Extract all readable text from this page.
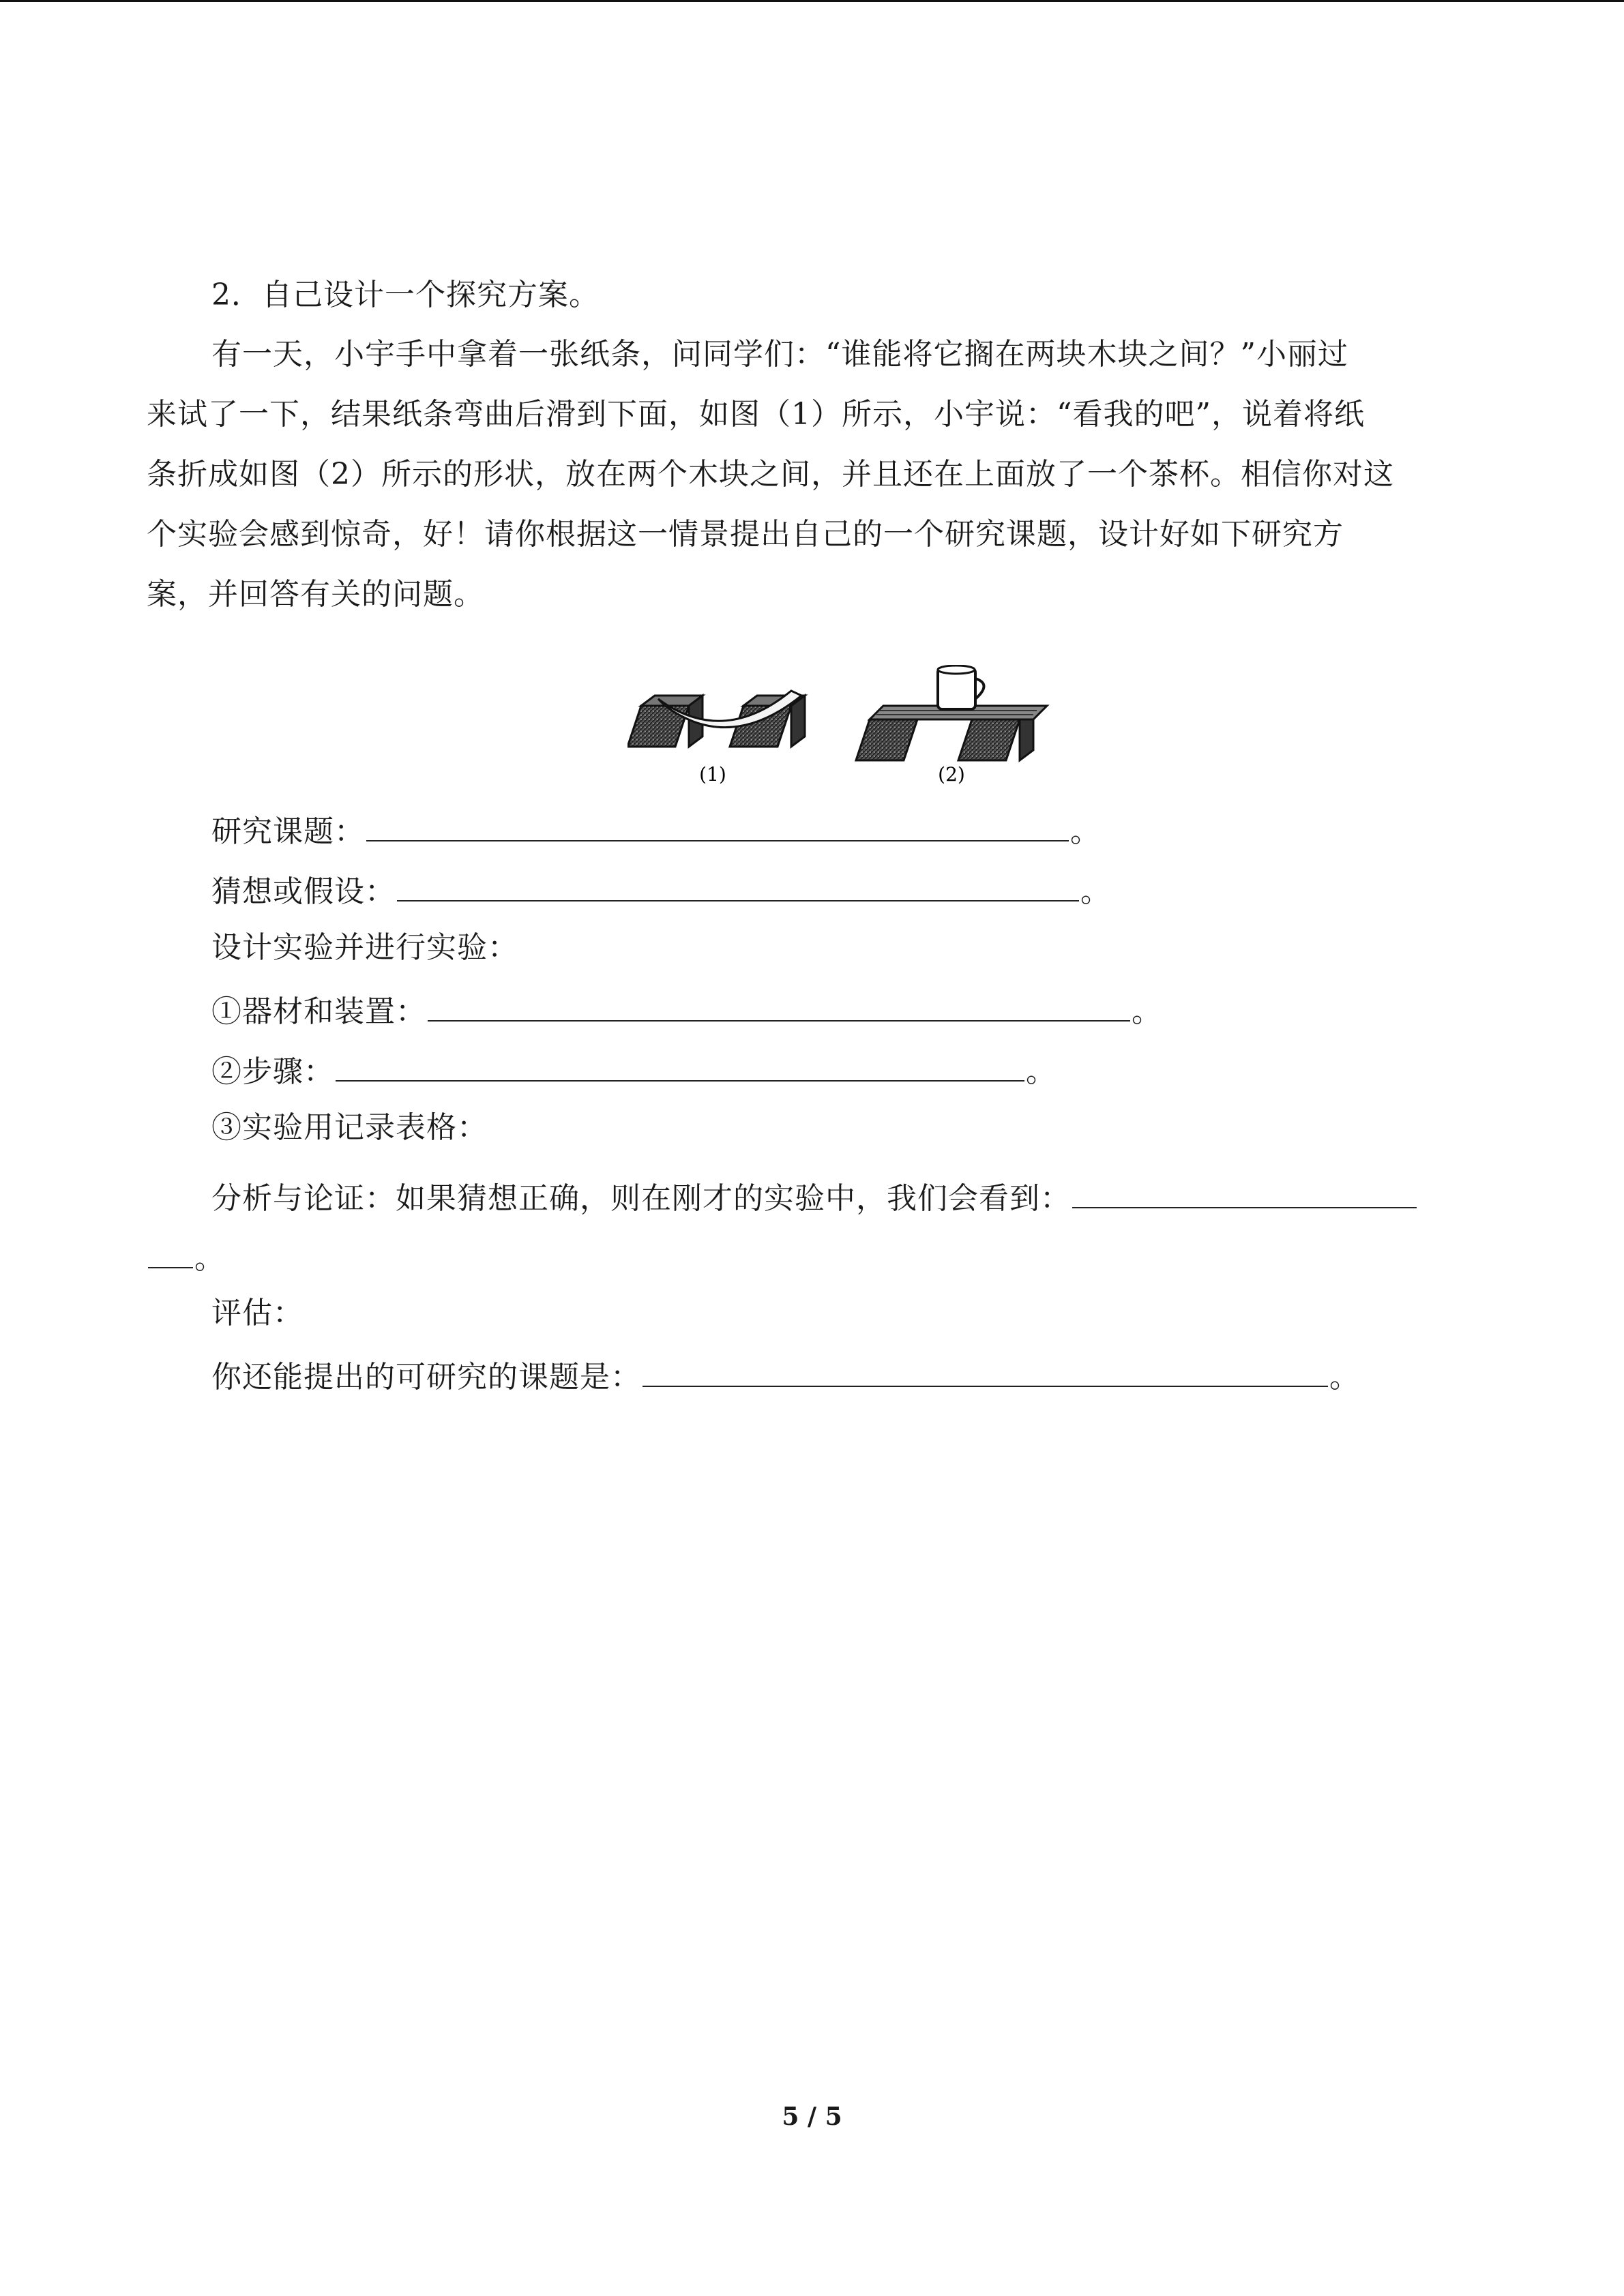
2．自己设计一个探究方案。
有一天，小宇手中拿着一张纸条，问同学们：“谁能将它搁在两块木块之间？”小丽过
来试了一下，结果纸条弯曲后滑到下面，如图（1）所示，小宇说：“看我的吧”，说着将纸
条折成如图（2）所示的形状，放在两个木块之间，并且还在上面放了一个茶杯。相信你对这
个实验会感到惊奇，好！请你根据这一情景提出自己的一个研究课题，设计好如下研究方
案，并回答有关的问题。
(1)	(2)
研究课题：	。
猜想或假设：	。
设计实验并进行实验：
①器材和装置：	。
②步骤：	。
③实验用记录表格：
分析与论证：如果猜想正确，则在刚才的实验中，我们会看到：
。
评估：
你还能提出的可研究的课题是：	。
5 / 5
